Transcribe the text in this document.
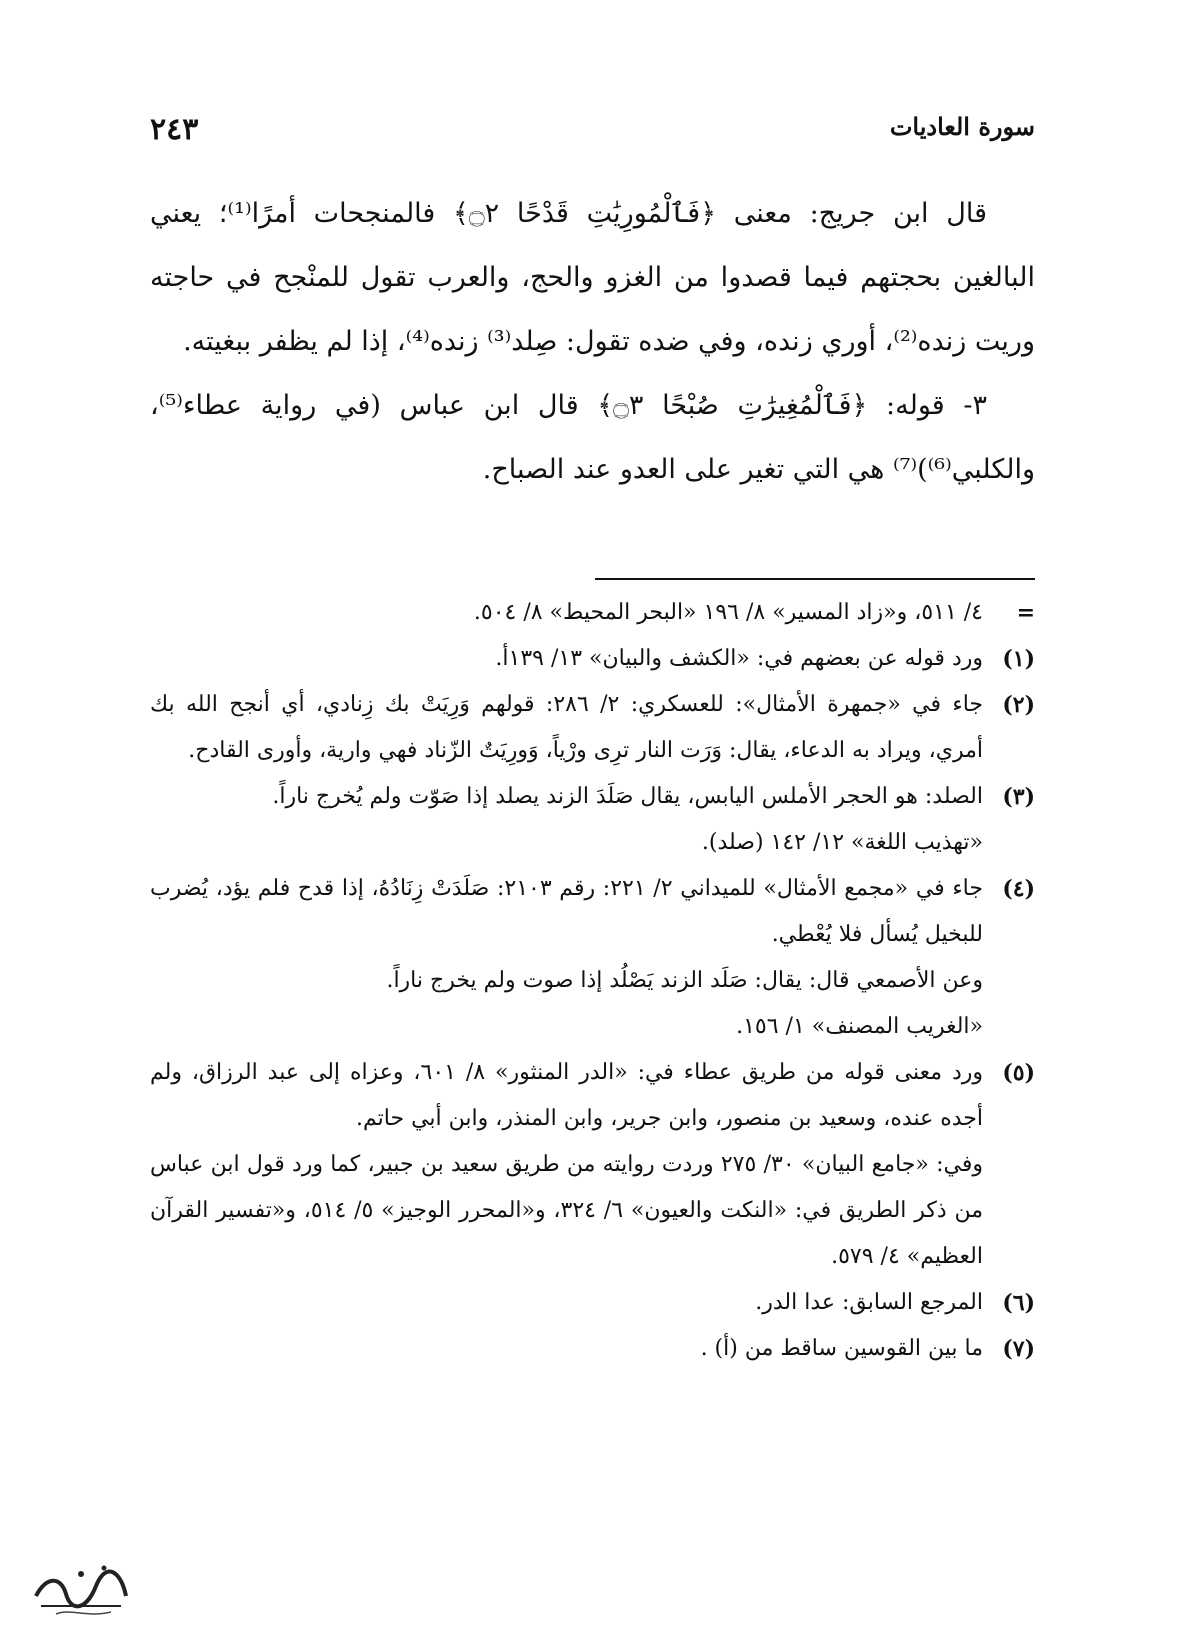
سورة العاديات
٢٤٣

قال ابن جريج: معنى ﴿فَٱلْمُورِيَٰتِ قَدْحًا ۝٢﴾ فالمنجحات أمرًا⁽¹⁾؛ يعني البالغين بحجتهم فيما قصدوا من الغزو والحج، والعرب تقول للمنْجح في حاجته وريت زنده⁽²⁾، أوري زنده، وفي ضده تقول: صِلد⁽³⁾ زنده⁽⁴⁾، إذا لم يظفر ببغيته.

٣- قوله: ﴿فَٱلْمُغِيرَٰتِ صُبْحًا ۝٣﴾ قال ابن عباس (في رواية عطاء⁽⁵⁾، والكلبي⁽⁶⁾)⁽⁷⁾ هي التي تغير على العدو عند الصباح.

=
٤/ ٥١١، و«زاد المسير» ٨/ ١٩٦ «البحر المحيط» ٨/ ٥٠٤.
(١)
ورد قوله عن بعضهم في: «الكشف والبيان» ١٣/ ١٣٩أ.
(٢)
جاء في «جمهرة الأمثال»: للعسكري: ٢/ ٢٨٦: قولهم وَرِيَتْ بك زِنادي، أي أنجح الله بك أمري، ويراد به الدعاء، يقال: وَرَت النار ترِى ورْياً، وَورِيَتٌ الزّناد فهي وارية، وأورى القادح.
(٣)
الصلد: هو الحجر الأملس اليابس، يقال صَلَدَ الزند يصلد إذا صَوّت ولم يُخرج ناراً.
«تهذيب اللغة» ١٢/ ١٤٢ (صلد).
(٤)
جاء في «مجمع الأمثال» للميداني ٢/ ٢٢١: رقم ٢١٠٣: صَلَدَتْ زِنَادُهُ، إذا قدح فلم يؤد، يُضرب للبخيل يُسأل فلا يُعْطي.
وعن الأصمعي قال: يقال: صَلَد الزند يَصْلُد إذا صوت ولم يخرج ناراً.
«الغريب المصنف» ١/ ١٥٦.
(٥)
ورد معنى قوله من طريق عطاء في: «الدر المنثور» ٨/ ٦٠١، وعزاه إلى عبد الرزاق، ولم أجده عنده، وسعيد بن منصور، وابن جرير، وابن المنذر، وابن أبي حاتم.
وفي: «جامع البيان» ٣٠/ ٢٧٥ وردت روايته من طريق سعيد بن جبير، كما ورد قول ابن عباس من ذكر الطريق في: «النكت والعيون» ٦/ ٣٢٤، و«المحرر الوجيز» ٥/ ٥١٤، و«تفسير القرآن العظيم» ٤/ ٥٧٩.
(٦)
المرجع السابق: عدا الدر.
(٧)
ما بين القوسين ساقط من (أ) .
